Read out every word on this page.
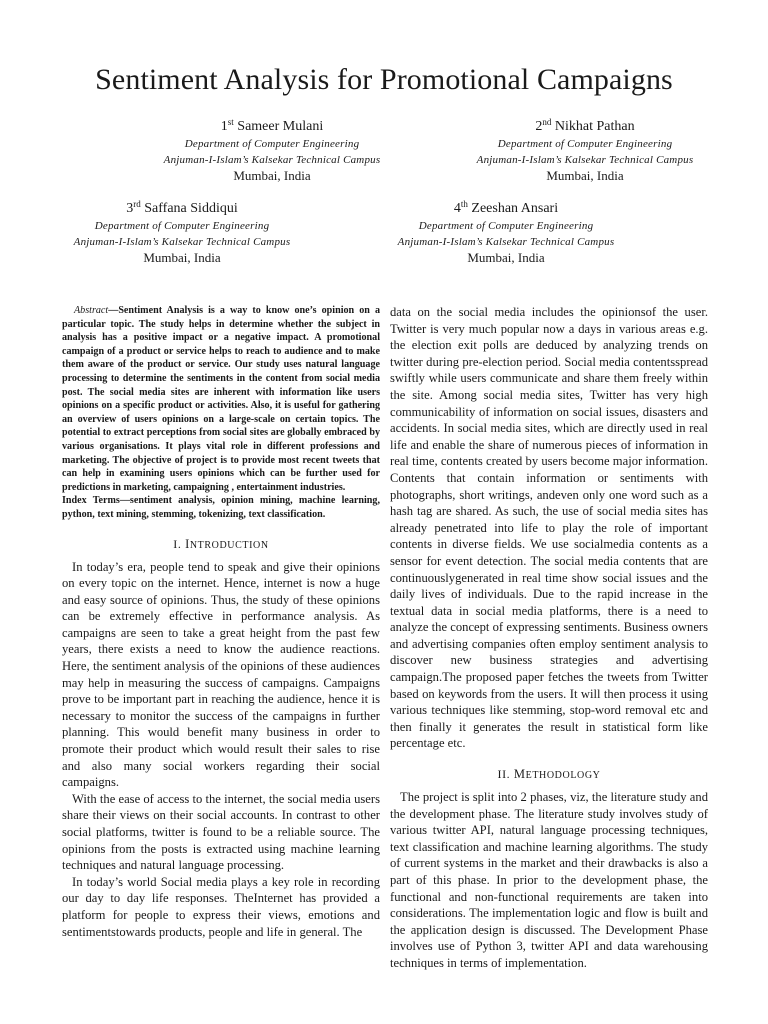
Sentiment Analysis for Promotional Campaigns
1st Sameer Mulani
Department of Computer Engineering
Anjuman-I-Islam’s Kalsekar Technical Campus
Mumbai, India
2nd Nikhat Pathan
Department of Computer Engineering
Anjuman-I-Islam’s Kalsekar Technical Campus
Mumbai, India
3rd Saffana Siddiqui
Department of Computer Engineering
Anjuman-I-Islam’s Kalsekar Technical Campus
Mumbai, India
4th Zeeshan Ansari
Department of Computer Engineering
Anjuman-I-Islam’s Kalsekar Technical Campus
Mumbai, India

Abstract—Sentiment Analysis is a way to know one’s opinion on a particular topic. The study helps in determine whether the subject in analysis has a positive impact or a negative impact. A promotional campaign of a product or service helps to reach to audience and to make them aware of the product or service. Our study uses natural language processing to determine the sentiments in the content from social media post. The social media sites are inherent with information like users opinions on a specific product or activities. Also, it is useful for gathering an overview of users opinions on a large-scale on certain topics. The potential to extract perceptions from social sites are globally embraced by various organisations. It plays vital role in different professions and marketing. The objective of project is to provide most recent tweets that can help in examining users opinions which can be further used for predictions in marketing, campaigning , entertainment industries.

Index Terms—sentiment analysis, opinion mining, machine learning, python, text mining, stemming, tokenizing, text classification.

I. INTRODUCTION

In today’s era, people tend to speak and give their opinions on every topic on the internet. Hence, internet is now a huge and easy source of opinions. Thus, the study of these opinions can be extremely effective in performance analysis. As campaigns are seen to take a great height from the past few years, there exists a need to know the audience reactions. Here, the sentiment analysis of the opinions of these audiences may help in measuring the success of campaigns. Campaigns prove to be important part in reaching the audience, hence it is necessary to monitor the success of the campaigns in further planning. This would benefit many business in order to promote their product which would result their sales to rise and also many social workers regarding their social campaigns.

With the ease of access to the internet, the social media users share their views on their social accounts. In contrast to other social platforms, twitter is found to be a reliable source. The opinions from the posts is extracted using machine learning techniques and natural language processing.

In today’s world Social media plays a key role in recording our day to day life responses. TheInternet has provided a platform for people to express their views, emotions and sentimentstowards products, people and life in general. The

data on the social media includes the opinionsof the user. Twitter is very much popular now a days in various areas e.g. the election exit polls are deduced by analyzing trends on twitter during pre-election period. Social media contentsspread swiftly while users communicate and share them freely within the site. Among social media sites, Twitter has very high communicability of information on social issues, disasters and accidents. In social media sites, which are directly used in real life and enable the share of numerous pieces of information in real time, contents created by users become major information. Contents that contain information or sentiments with photographs, short writings, andeven only one word such as a hash tag are shared. As such, the use of social media sites has already penetrated into life to play the role of important contents in diverse fields. We use socialmedia contents as a sensor for event detection. The social media contents that are continuouslygenerated in real time show social issues and the daily lives of individuals. Due to the rapid increase in the textual data in social media platforms, there is a need to analyze the concept of expressing sentiments. Business owners and advertising companies often employ sentiment analysis to discover new business strategies and advertising campaign.The proposed paper fetches the tweets from Twitter based on keywords from the users. It will then process it using various techniques like stemming, stop-word removal etc and then finally it generates the result in statistical form like percentage etc.

II. METHODOLOGY

The project is split into 2 phases, viz, the literature study and the development phase. The literature study involves study of various twitter API, natural language processing techniques, text classification and machine learning algorithms. The study of current systems in the market and their drawbacks is also a part of this phase. In prior to the development phase, the functional and non-functional requirements are taken into considerations. The implementation logic and flow is built and the application design is discussed. The Development Phase involves use of Python 3, twitter API and data warehousing techniques in terms of implementation.
